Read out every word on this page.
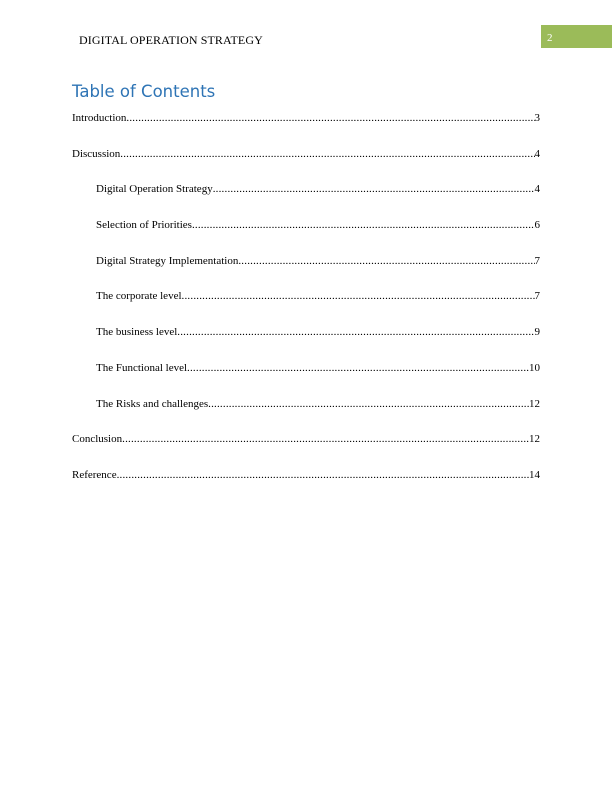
DIGITAL OPERATION STRATEGY	2
Table of Contents
Introduction .....	3
Discussion .....	4
Digital Operation Strategy .....	4
Selection of Priorities .....	6
Digital Strategy Implementation .....	7
The corporate level .....	7
The business level .....	9
The Functional level .....	10
The Risks and challenges .....	12
Conclusion .....	12
Reference .....	14
